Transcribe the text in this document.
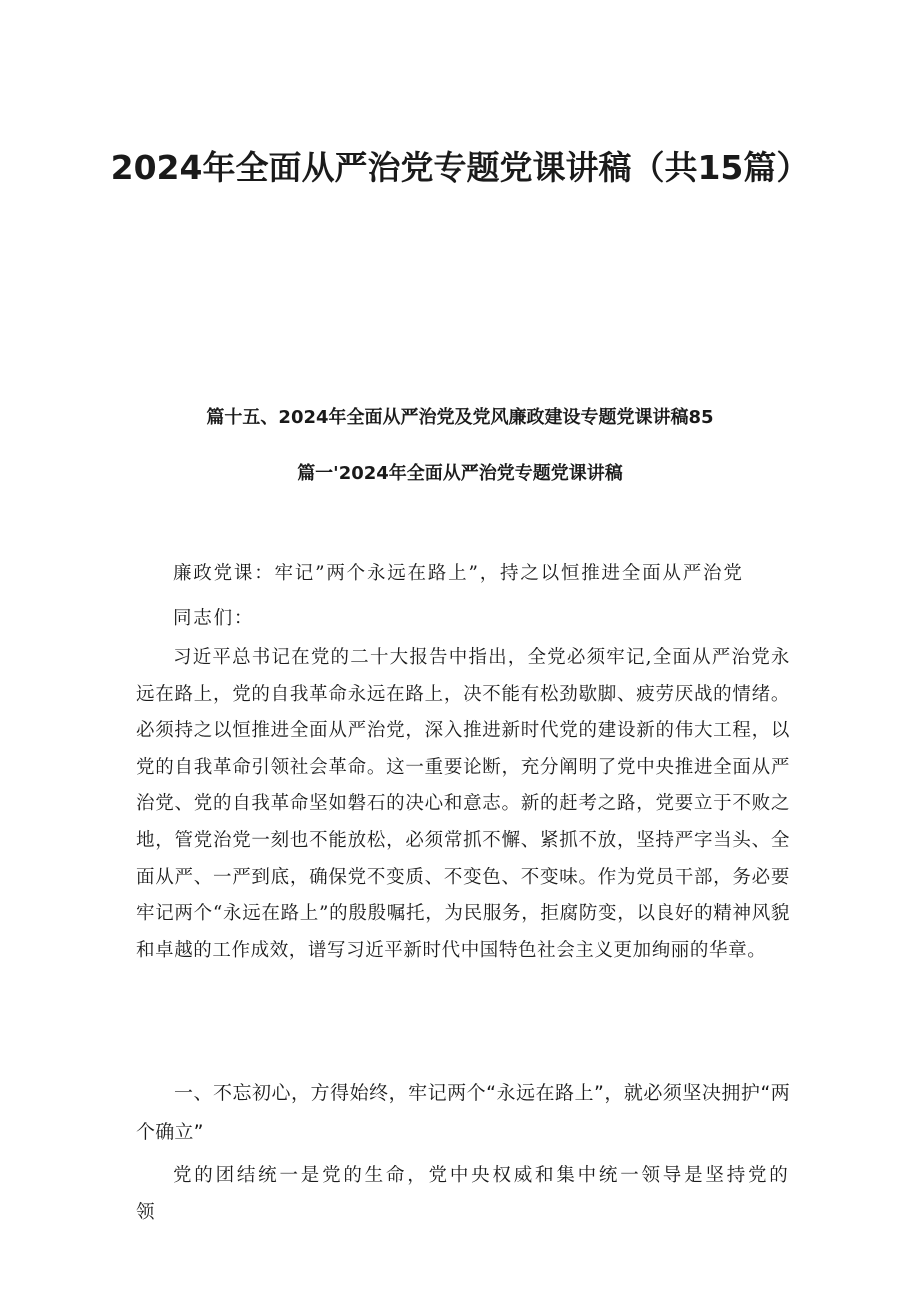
2024年全面从严治党专题党课讲稿（共15篇）
篇十五、2024年全面从严治党及党风廉政建设专题党课讲稿85
篇一'2024年全面从严治党专题党课讲稿

廉政党课：牢记”两个永远在路上”，持之以恒推进全面从严治党

同志们：

习近平总书记在党的二十大报告中指出，全党必须牢记,全面从严治党永远在路上，党的自我革命永远在路上，决不能有松劲歇脚、疲劳厌战的情绪。必须持之以恒推进全面从严治党，深入推进新时代党的建设新的伟大工程，以党的自我革命引领社会革命。这一重要论断，充分阐明了党中央推进全面从严治党、党的自我革命坚如磐石的决心和意志。新的赶考之路，党要立于不败之地，管党治党一刻也不能放松，必须常抓不懈、紧抓不放，坚持严字当头、全面从严、一严到底，确保党不变质、不变色、不变味。作为党员干部，务必要牢记两个“永远在路上”的殷殷嘱托，为民服务，拒腐防变，以良好的精神风貌和卓越的工作成效，谱写习近平新时代中国特色社会主义更加绚丽的华章。

一、不忘初心，方得始终，牢记两个“永远在路上”，就必须坚决拥护“两个确立”

党的团结统一是党的生命，党中央权威和集中统一领导是坚持党的领
